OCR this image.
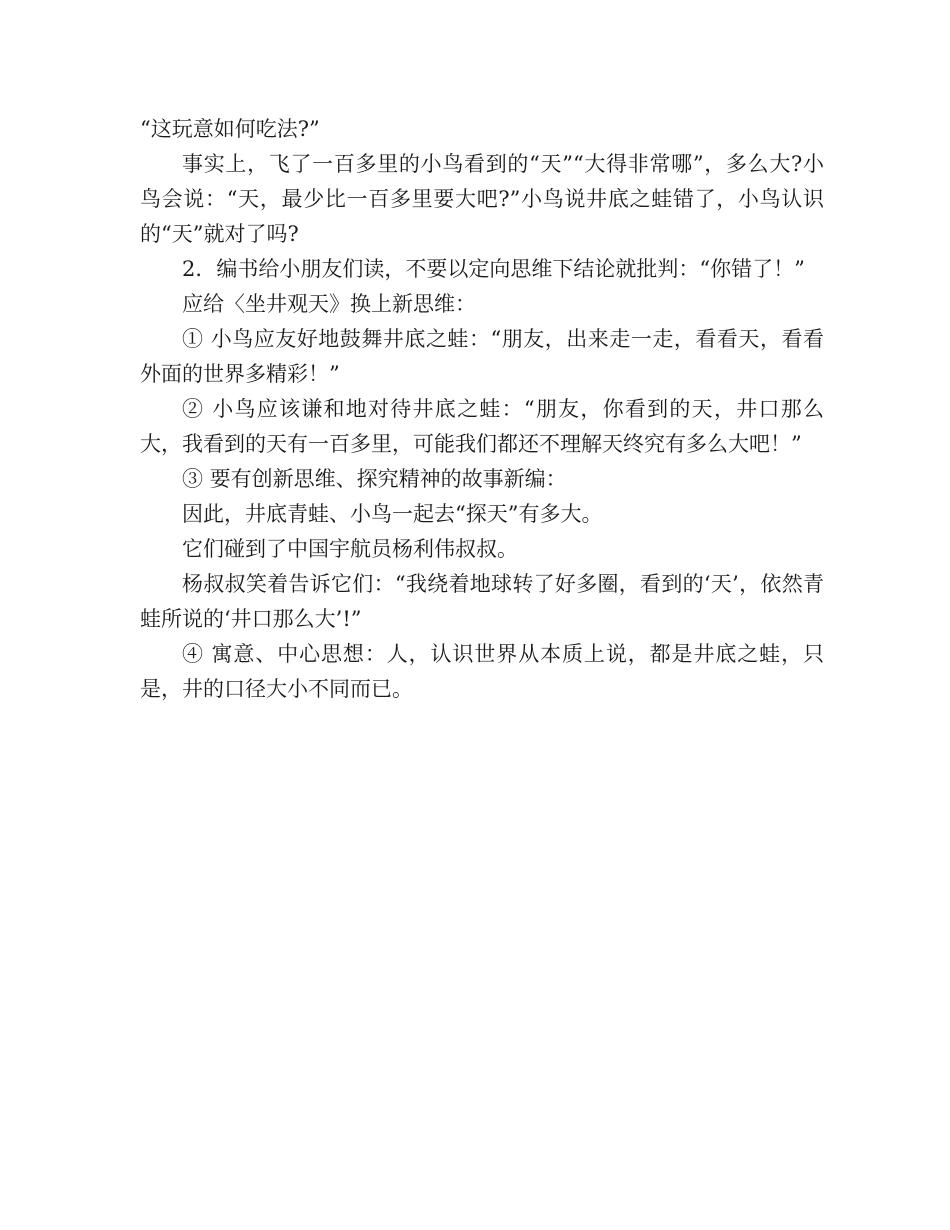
“这玩意如何吃法?”

事实上，飞了一百多里的小鸟看到的“天”“大得非常哪”，多么大?小鸟会说：“天，最少比一百多里要大吧?”小鸟说井底之蛙错了，小鸟认识的“天”就对了吗?

2．编书给小朋友们读，不要以定向思维下结论就批判：“你错了！”

应给〈坐井观天》换上新思维：

① 小鸟应友好地鼓舞井底之蛙：“朋友，出来走一走，看看天，看看外面的世界多精彩！”

② 小鸟应该谦和地对待井底之蛙：“朋友，你看到的天，井口那么大，我看到的天有一百多里，可能我们都还不理解天终究有多么大吧！”

③ 要有创新思维、探究精神的故事新编：

因此，井底青蛙、小鸟一起去“探天”有多大。

它们碰到了中国宇航员杨利伟叔叔。

杨叔叔笑着告诉它们：“我绕着地球转了好多圈，看到的‘天’，依然青蛙所说的‘井口那么大’!”

④ 寓意、中心思想：人，认识世界从本质上说，都是井底之蛙，只是，井的口径大小不同而已。
